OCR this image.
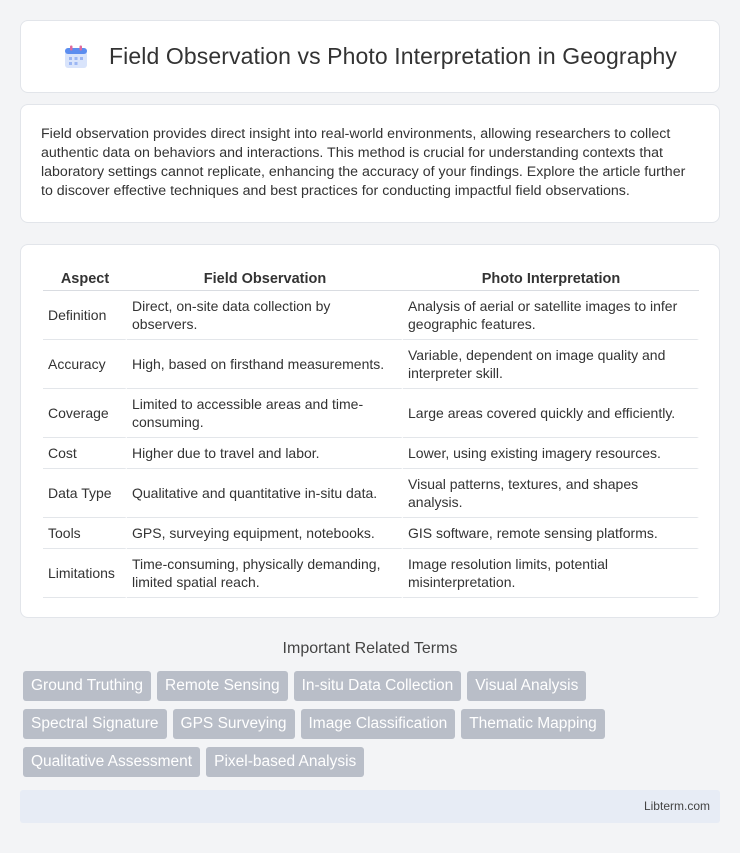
Field Observation vs Photo Interpretation in Geography

Field observation provides direct insight into real-world environments, allowing researchers to collect authentic data on behaviors and interactions. This method is crucial for understanding contexts that laboratory settings cannot replicate, enhancing the accuracy of your findings. Explore the article further to discover effective techniques and best practices for conducting impactful field observations.

Aspect	Field Observation	Photo Interpretation
Definition	Direct, on-site data collection by observers.	Analysis of aerial or satellite images to infer geographic features.
Accuracy	High, based on firsthand measurements.	Variable, dependent on image quality and interpreter skill.
Coverage	Limited to accessible areas and time-consuming.	Large areas covered quickly and efficiently.
Cost	Higher due to travel and labor.	Lower, using existing imagery resources.
Data Type	Qualitative and quantitative in-situ data.	Visual patterns, textures, and shapes analysis.
Tools	GPS, surveying equipment, notebooks.	GIS software, remote sensing platforms.
Limitations	Time-consuming, physically demanding, limited spatial reach.	Image resolution limits, potential misinterpretation.
Important Related Terms
Ground Truthing	Remote Sensing	In-situ Data Collection	Visual Analysis
Spectral Signature	GPS Surveying	Image Classification	Thematic Mapping
Qualitative Assessment	Pixel-based Analysis
Libterm.com
